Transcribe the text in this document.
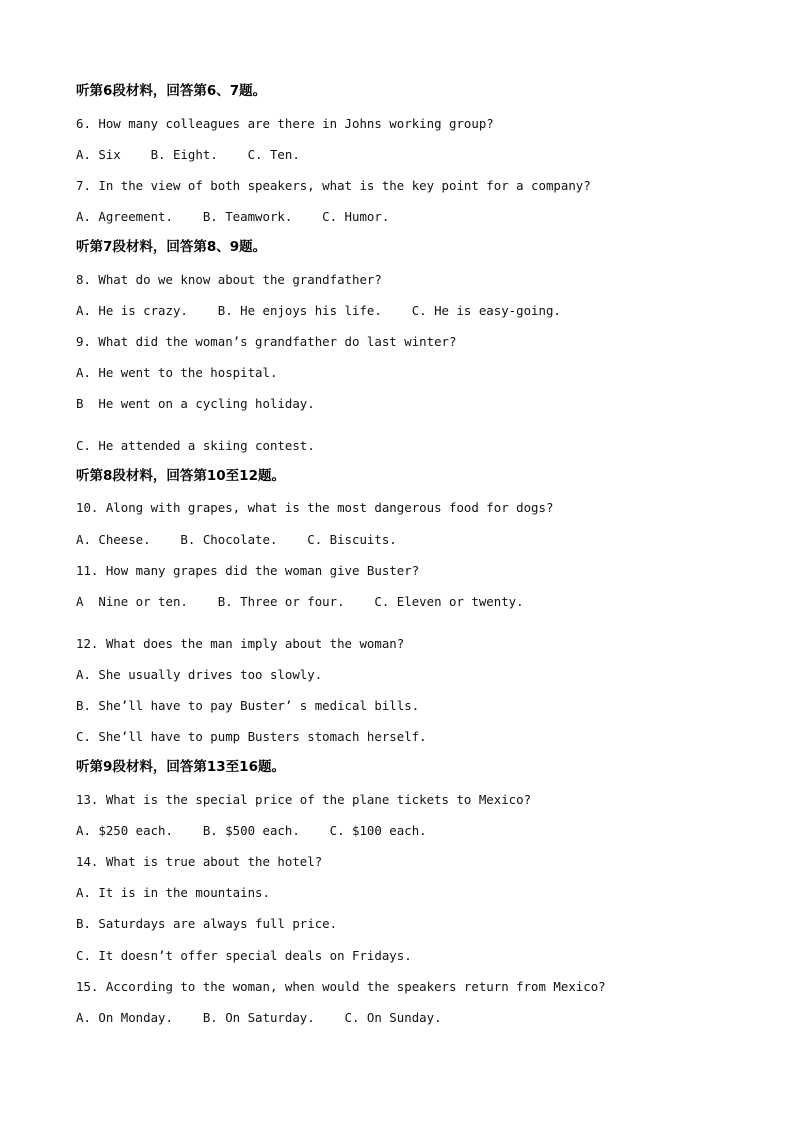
听第6段材料，回答第6、7题。
6. How many colleagues are there in Johns working group?
A. Six    B. Eight.    C. Ten.
7. In the view of both speakers, what is the key point for a company?
A. Agreement.    B. Teamwork.    C. Humor.
听第7段材料，回答第8、9题。
8. What do we know about the grandfather?
A. He is crazy.    B. He enjoys his life.    C. He is easy-going.
9. What did the woman’s grandfather do last winter?
A. He went to the hospital.
B  He went on a cycling holiday.
C. He attended a skiing contest.
听第8段材料，回答第10至12题。
10. Along with grapes, what is the most dangerous food for dogs?
A. Cheese.    B. Chocolate.    C. Biscuits.
11. How many grapes did the woman give Buster?
A  Nine or ten.    B. Three or four.    C. Eleven or twenty.
12. What does the man imply about the woman?
A. She usually drives too slowly.
B. She’ll have to pay Buster’ s medical bills.
C. She’ll have to pump Busters stomach herself.
听第9段材料，回答第13至16题。
13. What is the special price of the plane tickets to Mexico?
A. $250 each.    B. $500 each.    C. $100 each.
14. What is true about the hotel?
A. It is in the mountains.
B. Saturdays are always full price.
C. It doesn’t offer special deals on Fridays.
15. According to the woman, when would the speakers return from Mexico?
A. On Monday.    B. On Saturday.    C. On Sunday.
